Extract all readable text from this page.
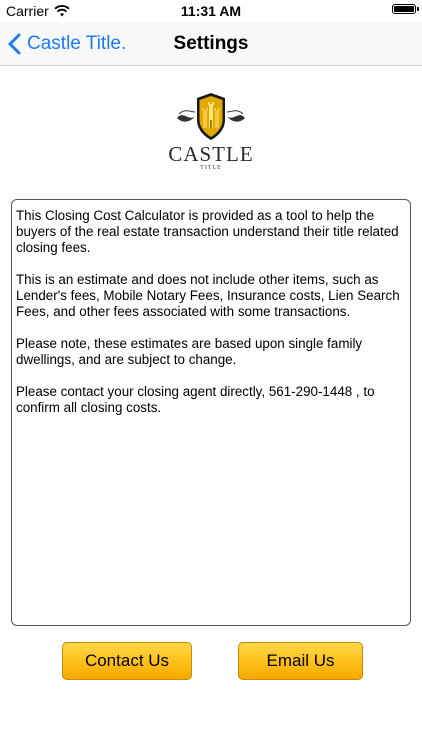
Carrier	11:31 AM
Castle Title.	Settings
CASTLE
TITLE

This Closing Cost Calculator is provided as a tool to help the buyers of the real estate transaction understand their title related closing fees.

This is an estimate and does not include other items, such as Lender's fees, Mobile Notary Fees, Insurance costs, Lien Search Fees, and other fees associated with some transactions.

Please note, these estimates are based upon single family dwellings, and are subject to change.

Please contact your closing agent directly, 561-290-1448 , to confirm all closing costs.

Contact Us	Email Us
